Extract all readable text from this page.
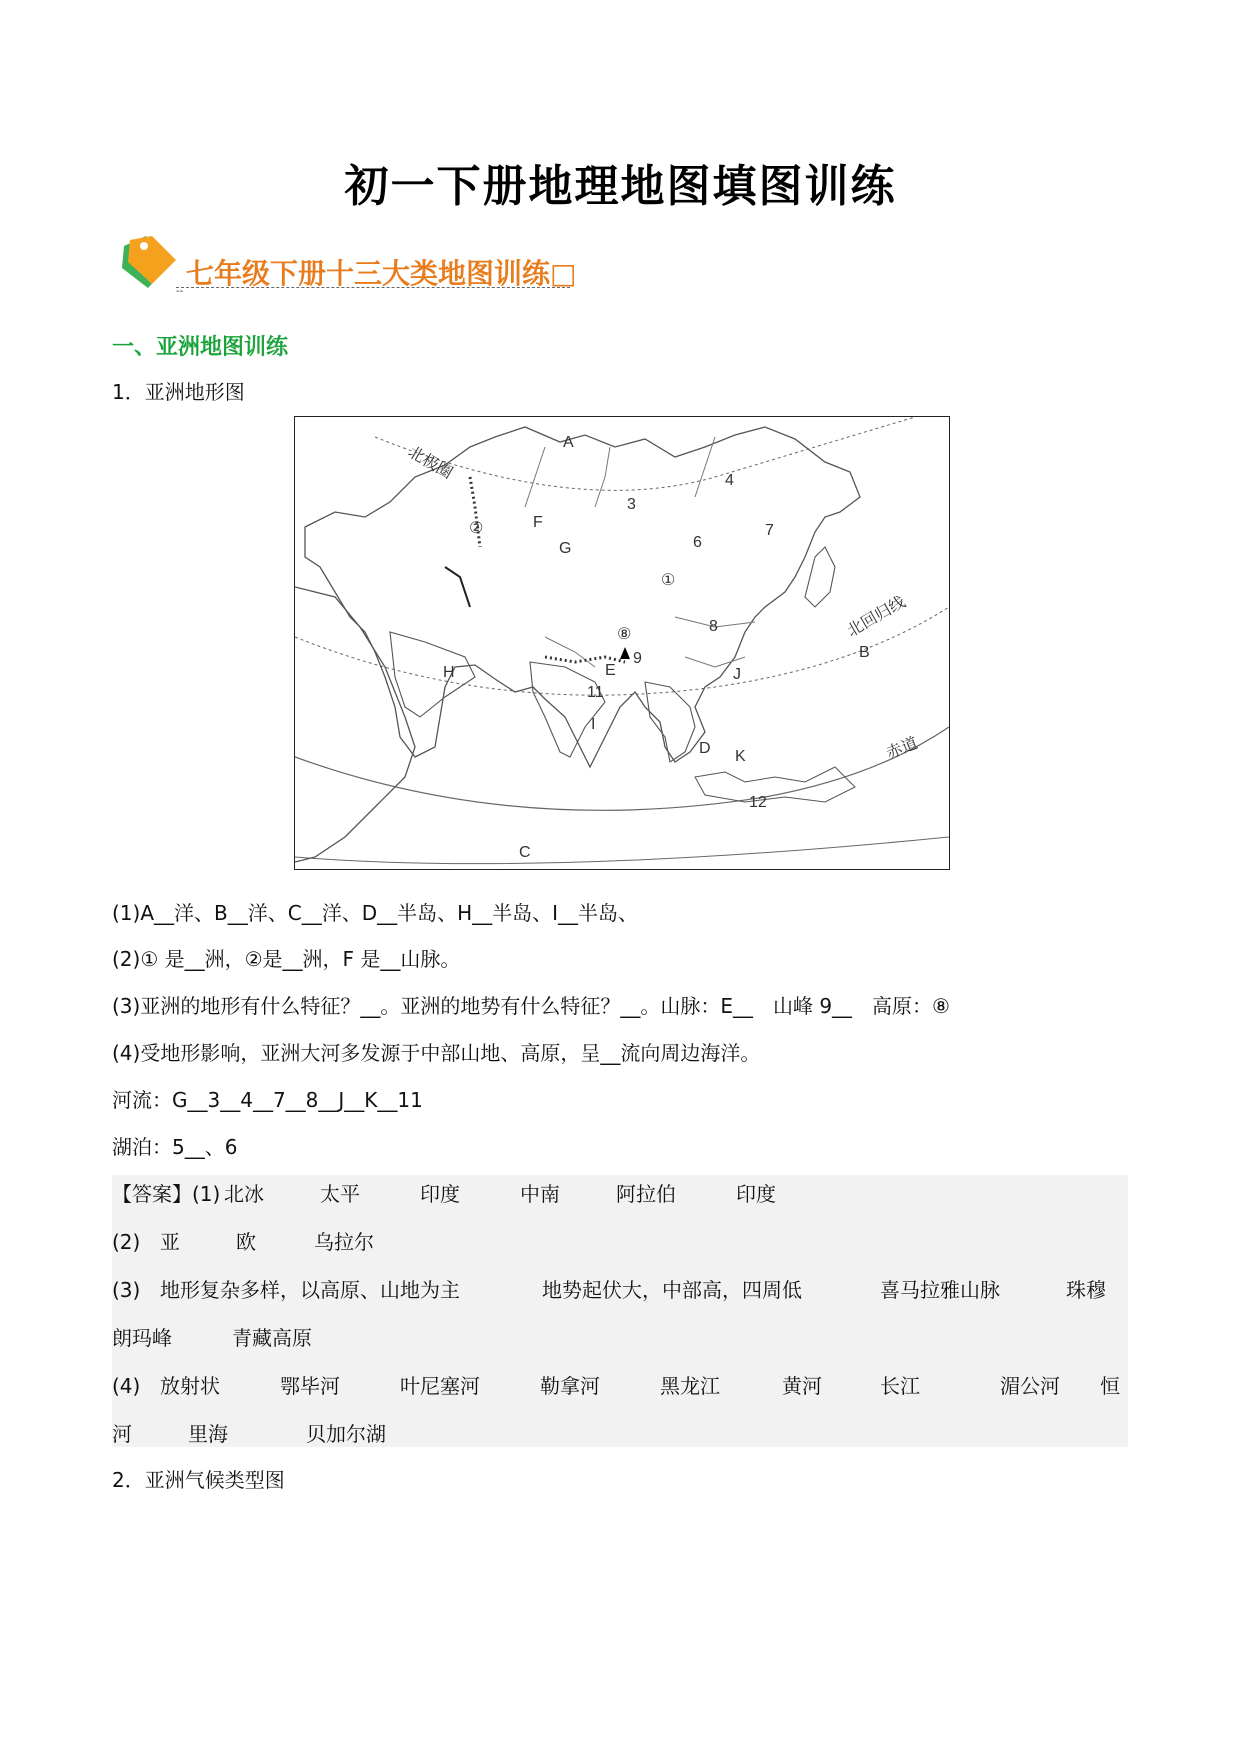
初一下册地理地图填图训练
七年级下册十三大类地图训练□
--
一、亚洲地图训练
1．亚洲地形图
A
B
C
D
E
F
G
H
I
J
K
①
②
⑧
3
4
6
7
8
9
11
12
北极圈
北回归线
赤道
(1)A__洋、B__洋、C__洋、D__半岛、H__半岛、I__半岛、
(2)① 是__洲，②是__洲，F 是__山脉。
(3)亚洲的地形有什么特征？__。亚洲的地势有什么特征？__。山脉：E__　山峰 9__　高原：⑧
(4)受地形影响，亚洲大河多发源于中部山地、高原，呈__流向周边海洋。
河流：G__3__4__7__8__J__K__11
湖泊：5__、6
【答案】(1) 北冰	太平	印度	中南	阿拉伯	印度
(2) 亚	欧	乌拉尔
(3) 地形复杂多样，以高原、山地为主	地势起伏大，中部高，四周低	喜马拉雅山脉	珠穆
朗玛峰	青藏高原
(4) 放射状	鄂毕河	叶尼塞河	勒拿河	黑龙江	黄河	长江	湄公河 恒
河	里海	贝加尔湖
2．亚洲气候类型图
